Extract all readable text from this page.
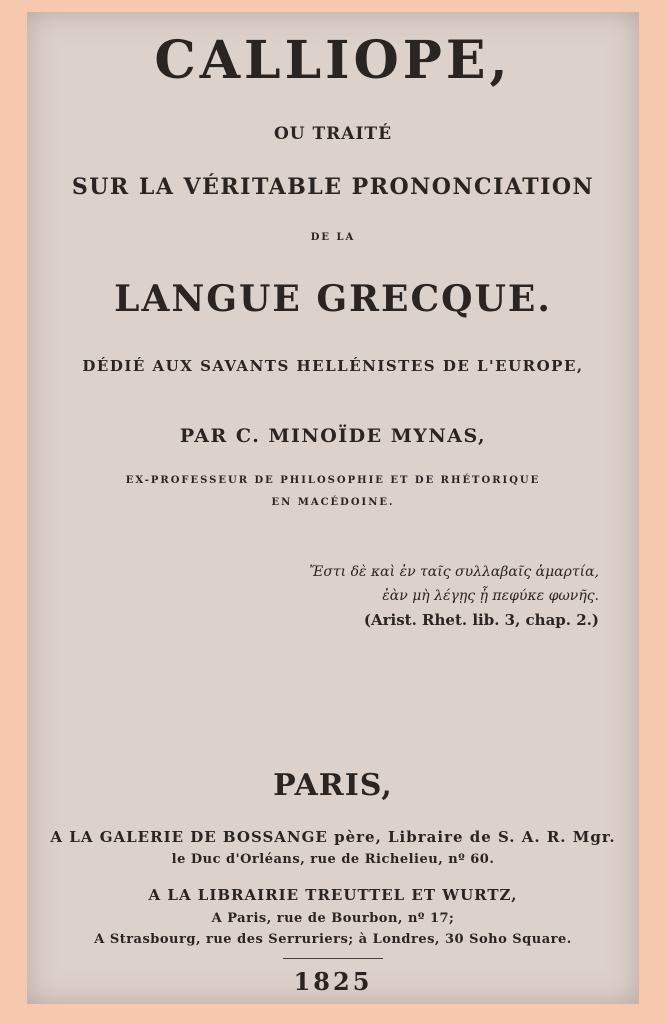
CALLIOPE,

OU TRAITÉ

SUR LA VÉRITABLE PRONONCIATION

DE LA

LANGUE GRECQUE.

DÉDIÉ AUX SAVANTS HELLÉNISTES DE L'EUROPE,

PAR C. MINOÏDE MYNAS,

EX-PROFESSEUR DE PHILOSOPHIE ET DE RHÉTORIQUE
EN MACÉDOINE.

Ἔστι δὲ καὶ ἐν ταῖς συλλαβαῖς ἁμαρτία,
ἐὰν μὴ λέγῃς ᾗ πεφύκε φωνῆς.
(Arist. Rhet. lib. 3, chap. 2.)

PARIS,

A LA GALERIE DE BOSSANGE père, Libraire de S. A. R. Mgr.

le Duc d'Orléans, rue de Richelieu, nº 60.

A LA LIBRAIRIE TREUTTEL ET WURTZ,

A Paris, rue de Bourbon, nº 17;

A Strasbourg, rue des Serruriers; à Londres, 30 Soho Square.

1825
